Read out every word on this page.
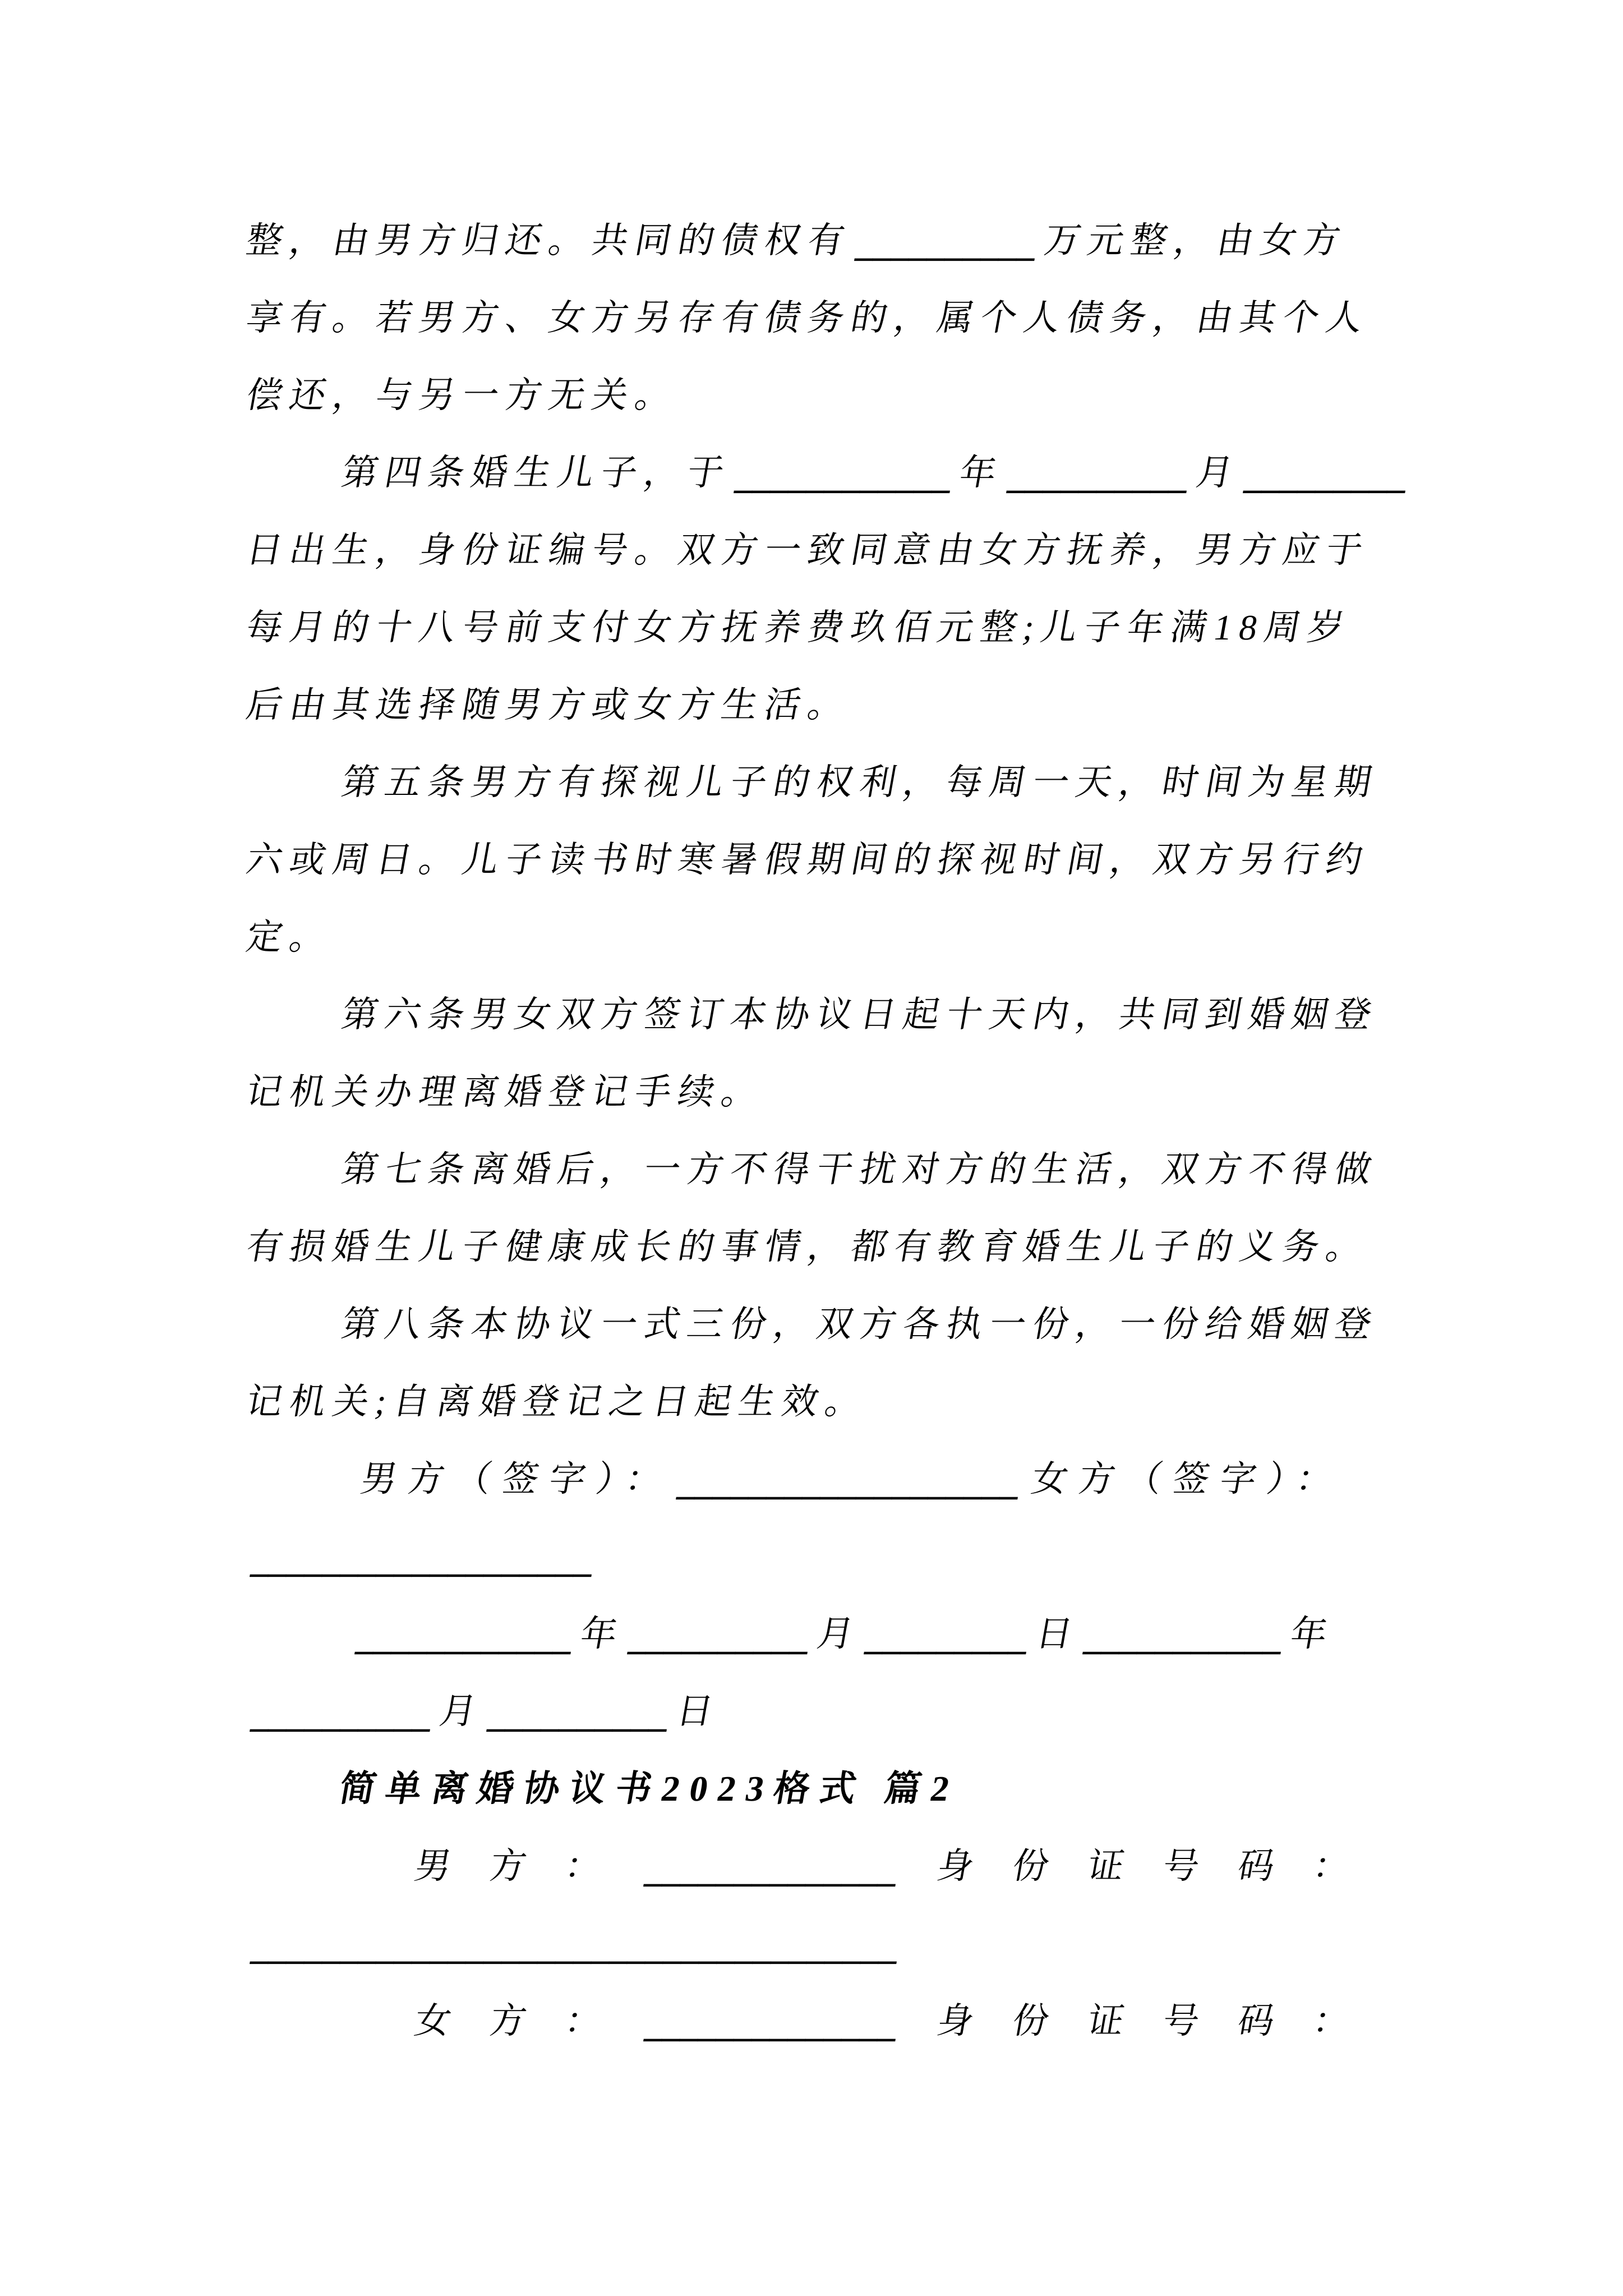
整，由男方归还。共同的债权有__________万元整，由女方
享有。若男方、女方另存有债务的，属个人债务，由其个人
偿还，与另一方无关。
第四条婚生儿子，于____________年__________月_________
日出生，身份证编号。双方一致同意由女方抚养，男方应于
每月的十八号前支付女方抚养费玖佰元整;儿子年满18周岁
后由其选择随男方或女方生活。
第五条男方有探视儿子的权利，每周一天，时间为星期
六或周日。儿子读书时寒暑假期间的探视时间，双方另行约
定。
第六条男女双方签订本协议日起十天内，共同到婚姻登
记机关办理离婚登记手续。
第七条离婚后，一方不得干扰对方的生活，双方不得做
有损婚生儿子健康成长的事情，都有教育婚生儿子的义务。
第八条本协议一式三份，双方各执一份，一份给婚姻登
记机关;自离婚登记之日起生效。
男方（签字）：___________________ 女方（签字）：
___________________
____________年__________月_________日___________年
__________月__________日
简单离婚协议书2023格式 篇2
男方：______________ 身份证号码：
____________________________________
女方：______________ 身份证号码：
